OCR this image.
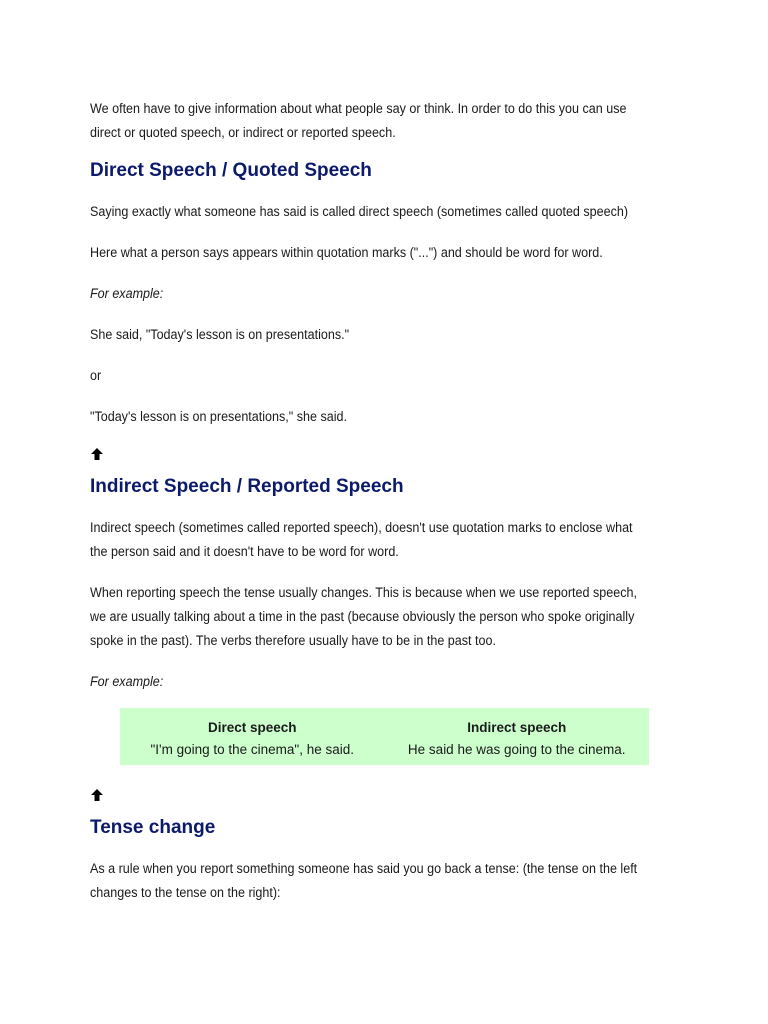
We often have to give information about what people say or think. In order to do this you can use

direct or quoted speech, or indirect or reported speech.

Direct Speech / Quoted Speech

Saying exactly what someone has said is called direct speech (sometimes called quoted speech)

Here what a person says appears within quotation marks ("...") and should be word for word.

For example:

She said, "Today's lesson is on presentations."

or

"Today's lesson is on presentations," she said.

Indirect Speech / Reported Speech

Indirect speech (sometimes called reported speech), doesn't use quotation marks to enclose what

the person said and it doesn't have to be word for word.

When reporting speech the tense usually changes. This is because when we use reported speech,

we are usually talking about a time in the past (because obviously the person who spoke originally

spoke in the past). The verbs therefore usually have to be in the past too.

For example:

Direct speech	Indirect speech
"I'm going to the cinema", he said.	He said he was going to the cinema.
Tense change

As a rule when you report something someone has said you go back a tense: (the tense on the left

changes to the tense on the right):
